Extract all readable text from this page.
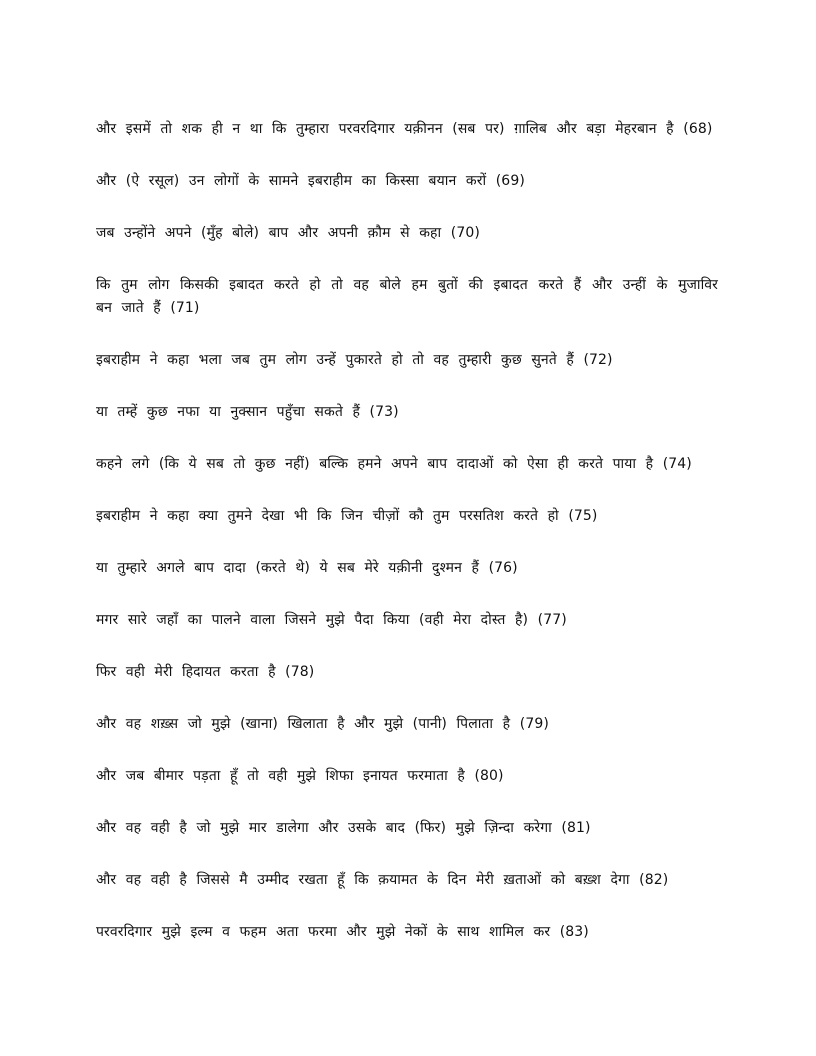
और इसमें तो शक ही न था कि तुम्हारा परवरदिगार यक़ीनन (सब पर) ग़ालिब और बड़ा मेहरबान है (68)

और (ऐ रसूल) उन लोगों के सामने इबराहीम का किस्सा बयान करों (69)

जब उन्होंने अपने (मुँह बोले) बाप और अपनी क़ौम से कहा (70)

कि तुम लोग किसकी इबादत करते हो तो वह बोले हम बुतों की इबादत करते हैं और उन्हीं के मुजाविर बन जाते हैं (71)

इबराहीम ने कहा भला जब तुम लोग उन्हें पुकारते हो तो वह तुम्हारी कुछ सुनते हैं (72)

या तम्हें कुछ नफा या नुक्सान पहुँचा सकते हैं (73)

कहने लगे (कि ये सब तो कुछ नहीं) बल्कि हमने अपने बाप दादाओं को ऐसा ही करते पाया है (74)

इबराहीम ने कहा क्या तुमने देखा भी कि जिन चीज़ों कौ तुम परसतिश करते हो (75)

या तुम्हारे अगले बाप दादा (करते थे) ये सब मेरे यक़ीनी दुश्मन हैं (76)

मगर सारे जहाँ का पालने वाला जिसने मुझे पैदा किया (वही मेरा दोस्त है) (77)

फिर वही मेरी हिदायत करता है (78)

और वह शख़्स जो मुझे (खाना) खिलाता है और मुझे (पानी) पिलाता है (79)

और जब बीमार पड़ता हूँ तो वही मुझे शिफा इनायत फरमाता है (80)

और वह वही है जो मुझे मार डालेगा और उसके बाद (फिर) मुझे ज़िन्दा करेगा (81)

और वह वही है जिससे मै उम्मीद रखता हूँ कि क़यामत के दिन मेरी ख़ताओं को बख़्श देगा (82)

परवरदिगार मुझे इल्म व फहम अता फरमा और मुझे नेकों के साथ शामिल कर (83)
